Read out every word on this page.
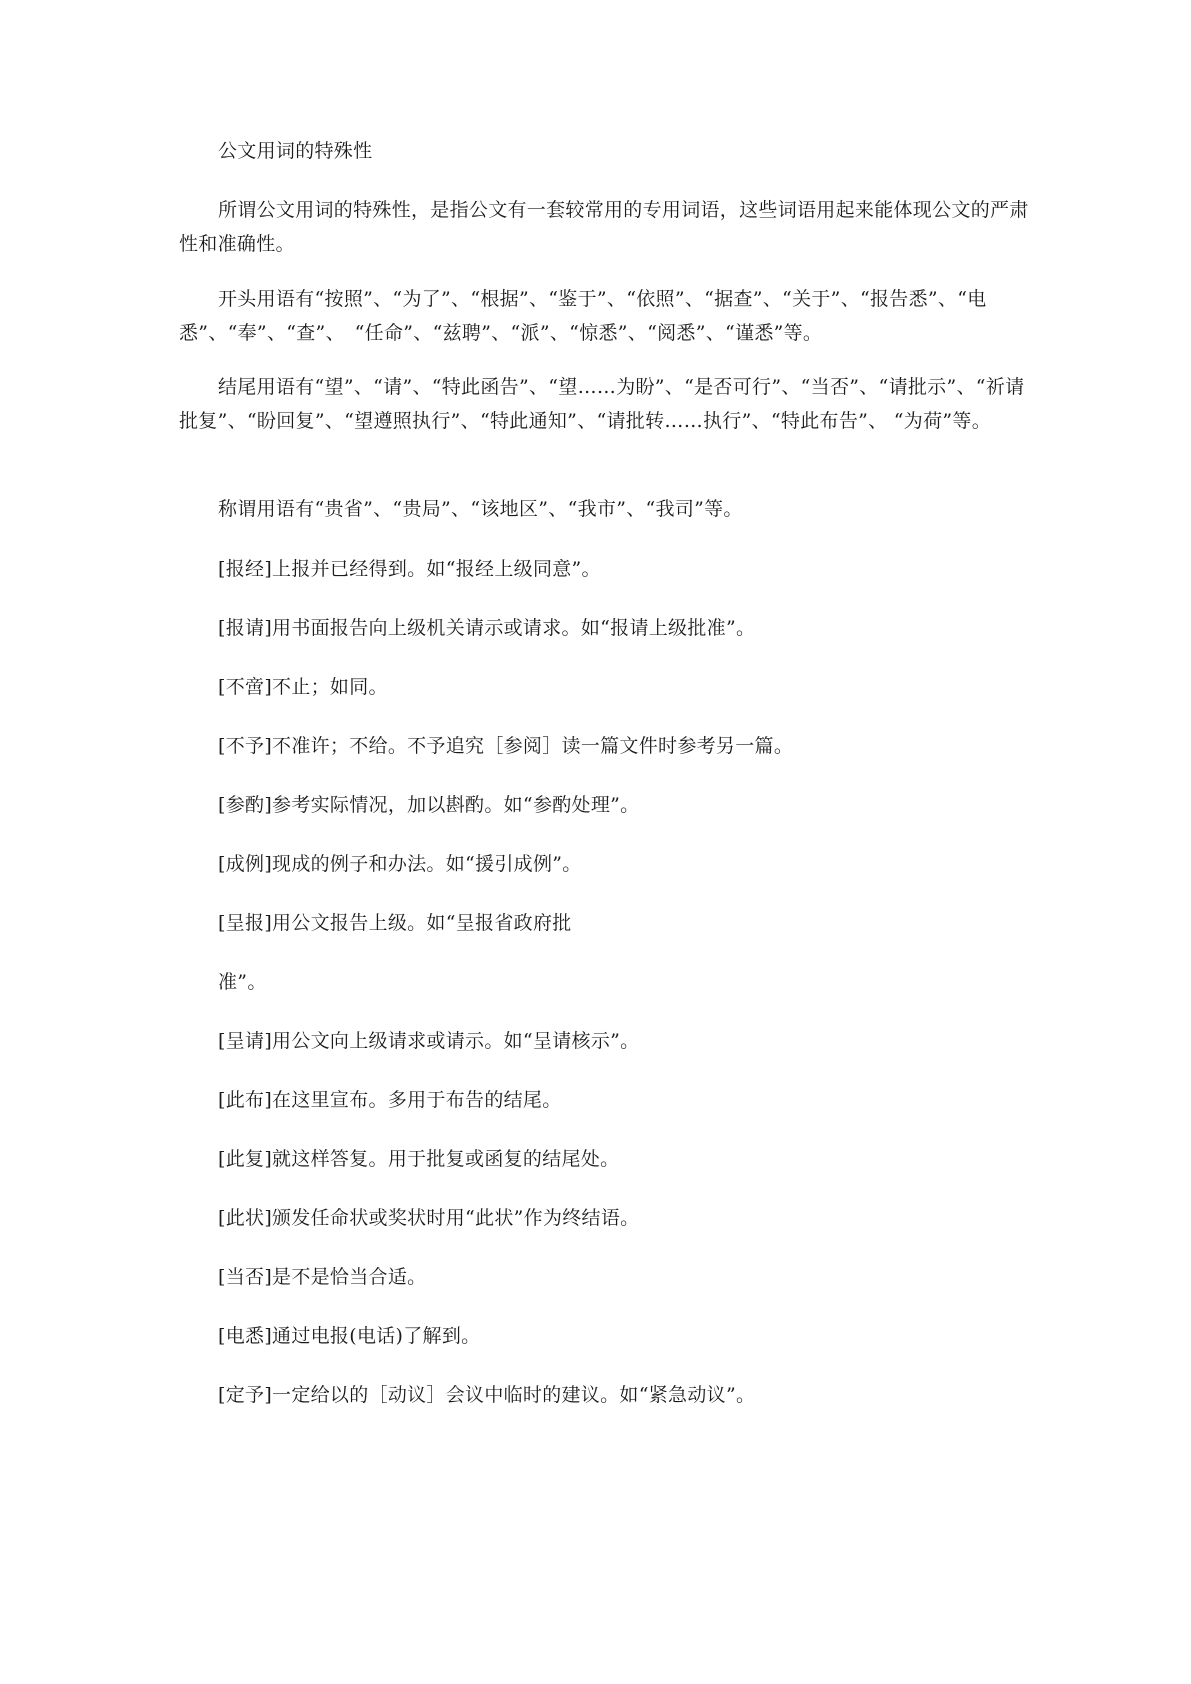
公文用词的特殊性

所谓公文用词的特殊性，是指公文有一套较常用的专用词语，这些词语用起来能体现公文的严肃性和准确性。

开头用语有“按照”、“为了”、“根据”、“鉴于”、“依照”、“据查”、“关于”、“报告悉”、“电悉”、“奉”、“查”、　“任命”、“兹聘”、“派”、“惊悉”、“阅悉”、“谨悉”等。

结尾用语有“望”、“请”、“特此函告”、“望……为盼”、“是否可行”、“当否”、“请批示”、“祈请批复”、“盼回复”、“望遵照执行”、“特此通知”、“请批转……执行”、“特此布告”、 “为荷”等。

称谓用语有“贵省”、“贵局”、“该地区”、“我市”、“我司”等。

[报经]上报并已经得到。如“报经上级同意”。

[报请]用书面报告向上级机关请示或请求。如“报请上级批准”。

[不啻]不止；如同。

[不予]不准许；不给。不予追究［参阅］读一篇文件时参考另一篇。

[参酌]参考实际情况，加以斟酌。如“参酌处理”。

[成例]现成的例子和办法。如“援引成例”。

[呈报]用公文报告上级。如“呈报省政府批

准”。

[呈请]用公文向上级请求或请示。如“呈请核示”。

[此布]在这里宣布。多用于布告的结尾。

[此复]就这样答复。用于批复或函复的结尾处。

[此状]颁发任命状或奖状时用“此状”作为终结语。

[当否]是不是恰当合适。

[电悉]通过电报(电话)了解到。

[定予]一定给以的［动议］会议中临时的建议。如“紧急动议”。
